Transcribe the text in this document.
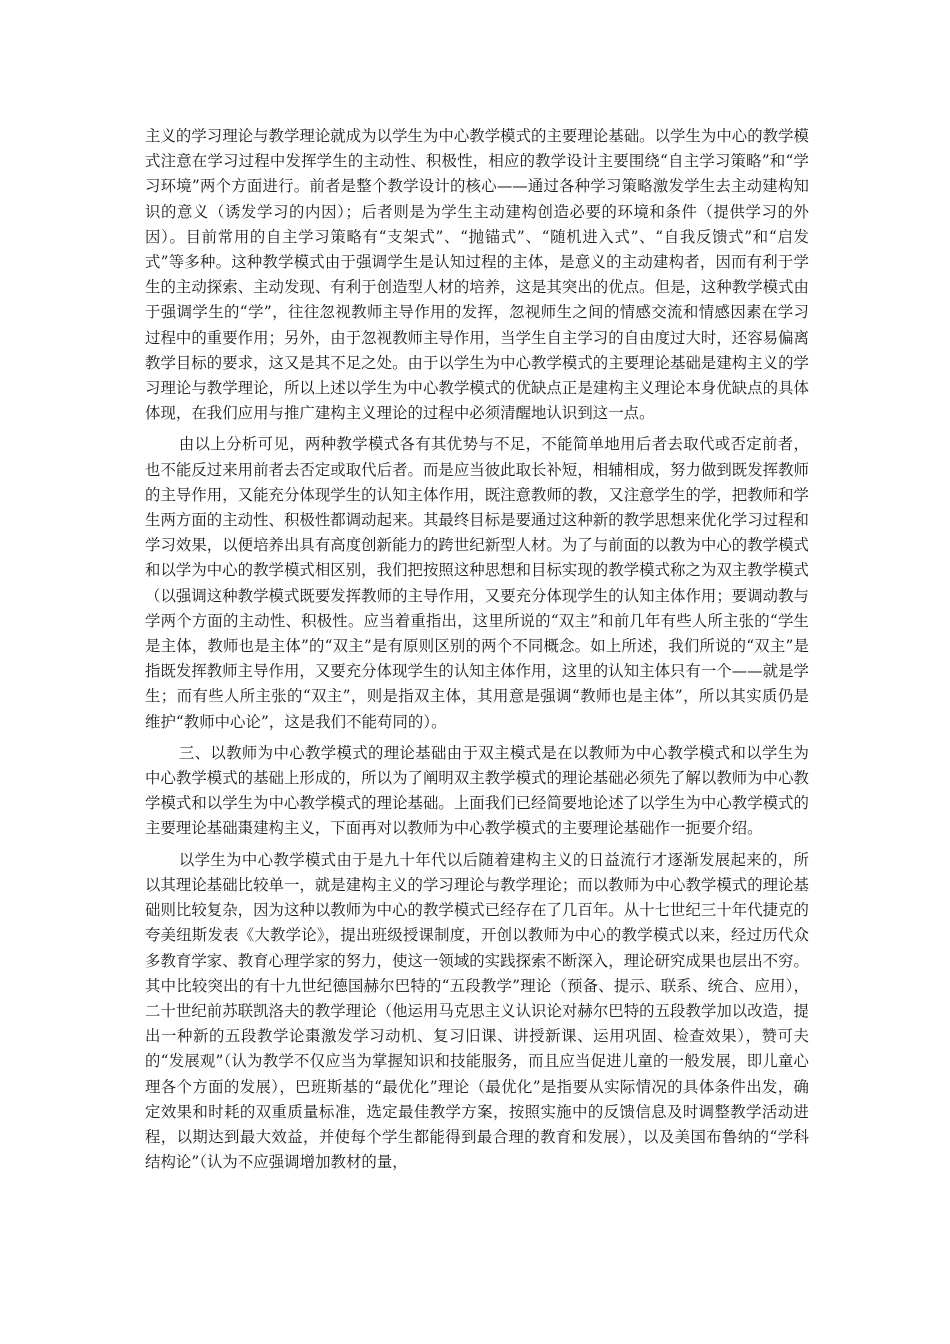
主义的学习理论与教学理论就成为以学生为中心教学模式的主要理论基础。以学生为中心的教学模式注意在学习过程中发挥学生的主动性、积极性，相应的教学设计主要围绕“自主学习策略”和“学习环境”两个方面进行。前者是整个教学设计的核心——通过各种学习策略激发学生去主动建构知识的意义（诱发学习的内因）；后者则是为学生主动建构创造必要的环境和条件（提供学习的外因）。目前常用的自主学习策略有“支架式”、“抛锚式”、“随机进入式”、“自我反馈式”和“启发式”等多种。这种教学模式由于强调学生是认知过程的主体，是意义的主动建构者，因而有利于学生的主动探索、主动发现、有利于创造型人材的培养，这是其突出的优点。但是，这种教学模式由于强调学生的“学”，往往忽视教师主导作用的发挥，忽视师生之间的情感交流和情感因素在学习过程中的重要作用；另外，由于忽视教师主导作用，当学生自主学习的自由度过大时，还容易偏离教学目标的要求，这又是其不足之处。由于以学生为中心教学模式的主要理论基础是建构主义的学习理论与教学理论，所以上述以学生为中心教学模式的优缺点正是建构主义理论本身优缺点的具体体现，在我们应用与推广建构主义理论的过程中必须清醒地认识到这一点。

由以上分析可见，两种教学模式各有其优势与不足，不能简单地用后者去取代或否定前者，也不能反过来用前者去否定或取代后者。而是应当彼此取长补短，相辅相成，努力做到既发挥教师的主导作用，又能充分体现学生的认知主体作用，既注意教师的教，又注意学生的学，把教师和学生两方面的主动性、积极性都调动起来。其最终目标是要通过这种新的教学思想来优化学习过程和学习效果，以便培养出具有高度创新能力的跨世纪新型人材。为了与前面的以教为中心的教学模式和以学为中心的教学模式相区别，我们把按照这种思想和目标实现的教学模式称之为双主教学模式（以强调这种教学模式既要发挥教师的主导作用，又要充分体现学生的认知主体作用；要调动教与学两个方面的主动性、积极性。应当着重指出，这里所说的“双主”和前几年有些人所主张的“学生是主体，教师也是主体”的“双主”是有原则区别的两个不同概念。如上所述，我们所说的“双主”是指既发挥教师主导作用，又要充分体现学生的认知主体作用，这里的认知主体只有一个——就是学生；而有些人所主张的“双主”，则是指双主体，其用意是强调“教师也是主体”，所以其实质仍是维护“教师中心论”，这是我们不能苟同的）。

三、以教师为中心教学模式的理论基础由于双主模式是在以教师为中心教学模式和以学生为中心教学模式的基础上形成的，所以为了阐明双主教学模式的理论基础必须先了解以教师为中心教学模式和以学生为中心教学模式的理论基础。上面我们已经简要地论述了以学生为中心教学模式的主要理论基础棗建构主义，下面再对以教师为中心教学模式的主要理论基础作一扼要介绍。

以学生为中心教学模式由于是九十年代以后随着建构主义的日益流行才逐渐发展起来的，所以其理论基础比较单一，就是建构主义的学习理论与教学理论；而以教师为中心教学模式的理论基础则比较复杂，因为这种以教师为中心的教学模式已经存在了几百年。从十七世纪三十年代捷克的夸美纽斯发表《大教学论》，提出班级授课制度，开创以教师为中心的教学模式以来，经过历代众多教育学家、教育心理学家的努力，使这一领域的实践探索不断深入，理论研究成果也层出不穷。其中比较突出的有十九世纪德国赫尔巴特的“五段教学”理论（预备、提示、联系、统合、应用），二十世纪前苏联凯洛夫的教学理论（他运用马克思主义认识论对赫尔巴特的五段教学加以改造，提出一种新的五段教学论棗激发学习动机、复习旧课、讲授新课、运用巩固、检查效果），赞可夫的“发展观”（认为教学不仅应当为掌握知识和技能服务，而且应当促进儿童的一般发展，即儿童心理各个方面的发展），巴班斯基的“最优化”理论（最优化”是指要从实际情况的具体条件出发，确定效果和时耗的双重质量标准，选定最佳教学方案，按照实施中的反馈信息及时调整教学活动进程，以期达到最大效益，并使每个学生都能得到最合理的教育和发展），以及美国布鲁纳的“学科结构论”（认为不应强调增加教材的量，
